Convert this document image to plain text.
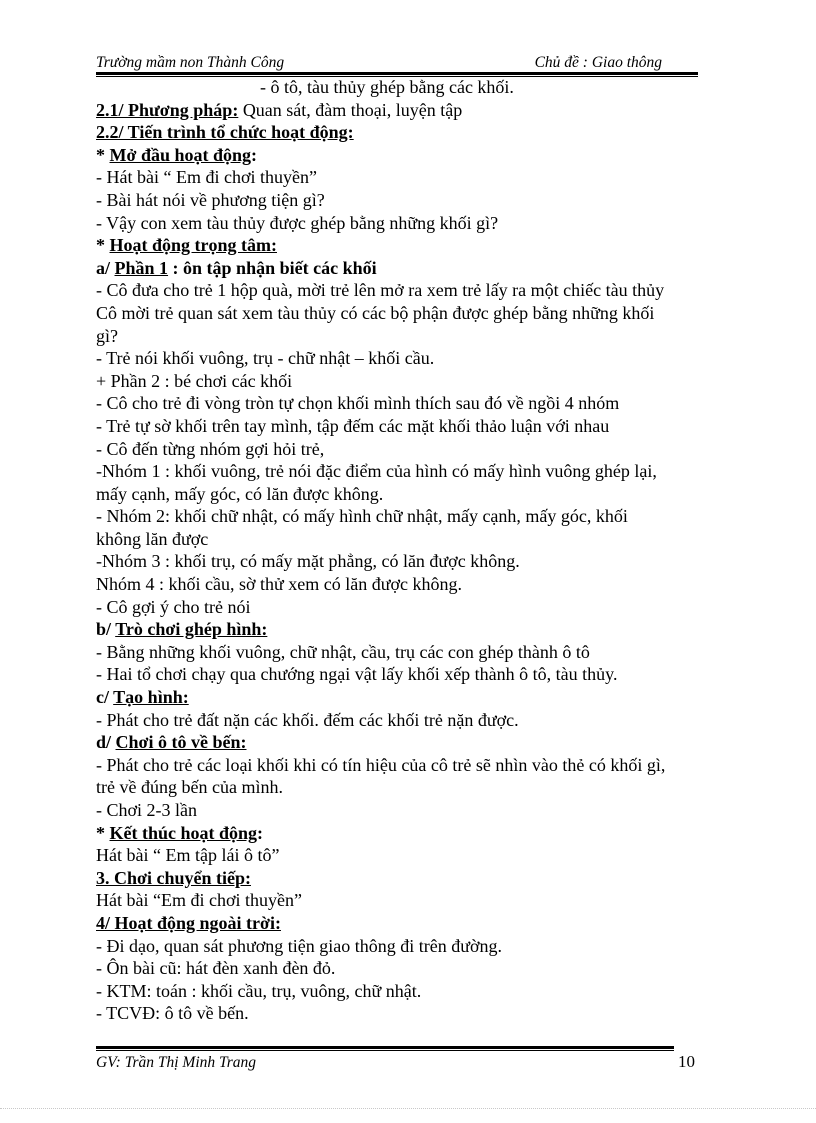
Trường mầm non Thành Công	Chủ đề : Giao thông
- ô tô, tàu thủy ghép bằng các khối.
2.1/ Phương pháp: Quan sát, đàm thoại, luyện tập
2.2/ Tiến trình tổ chức hoạt động:
* Mở đầu hoạt động:
- Hát bài “ Em đi chơi thuyền”
- Bài hát nói về phương tiện gì?
- Vậy con xem tàu thủy được ghép bằng những khối gì?
* Hoạt động trọng tâm:
a/ Phần 1 : ôn tập nhận biết các khối
- Cô đưa cho trẻ 1 hộp quà, mời trẻ lên mở ra xem trẻ lấy ra một chiếc tàu thủy
Cô mời trẻ quan sát xem tàu thủy có các bộ phận được ghép bằng những khối
gì?
- Trẻ nói khối vuông, trụ - chữ nhật – khối cầu.
+ Phần 2 : bé chơi các khối
- Cô cho trẻ đi vòng tròn tự chọn khối mình thích sau đó về ngồi 4 nhóm
- Trẻ tự sờ khối trên tay mình, tập đếm các mặt khối thảo luận với nhau
- Cô đến từng nhóm gợi hỏi trẻ,
-Nhóm 1 : khối vuông, trẻ nói đặc điểm của hình có mấy hình vuông ghép lại,
mấy cạnh, mấy góc, có lăn được không.
- Nhóm 2: khối chữ nhật, có mấy hình chữ nhật, mấy cạnh, mấy góc, khối
không lăn được
-Nhóm 3 : khối trụ, có mấy mặt phẳng, có lăn được không.
Nhóm 4 : khối cầu, sờ thử xem có lăn được không.
- Cô gợi ý cho trẻ nói
b/ Trò chơi ghép hình:
- Bằng những khối vuông, chữ nhật, cầu, trụ các con ghép thành ô tô
- Hai tổ chơi chạy qua chướng ngại vật lấy khối xếp thành ô tô, tàu thủy.
c/ Tạo hình:
- Phát cho trẻ đất nặn các khối. đếm các khối trẻ nặn được.
d/ Chơi ô tô về bến:
- Phát cho trẻ các loại khối khi có tín hiệu của cô trẻ sẽ nhìn vào thẻ có khối gì,
trẻ về đúng bến của mình.
- Chơi 2-3 lần
* Kết thúc hoạt động:
Hát bài “ Em tập lái ô tô”
3. Chơi chuyển tiếp:
Hát bài “Em đi chơi thuyền”
4/ Hoạt động ngoài trời:
- Đi dạo, quan sát phương tiện giao thông đi trên đường.
- Ôn bài cũ: hát đèn xanh đèn đỏ.
- KTM: toán : khối cầu, trụ, vuông, chữ nhật.
- TCVĐ: ô tô về bến.
GV: Trần Thị Minh Trang	10
